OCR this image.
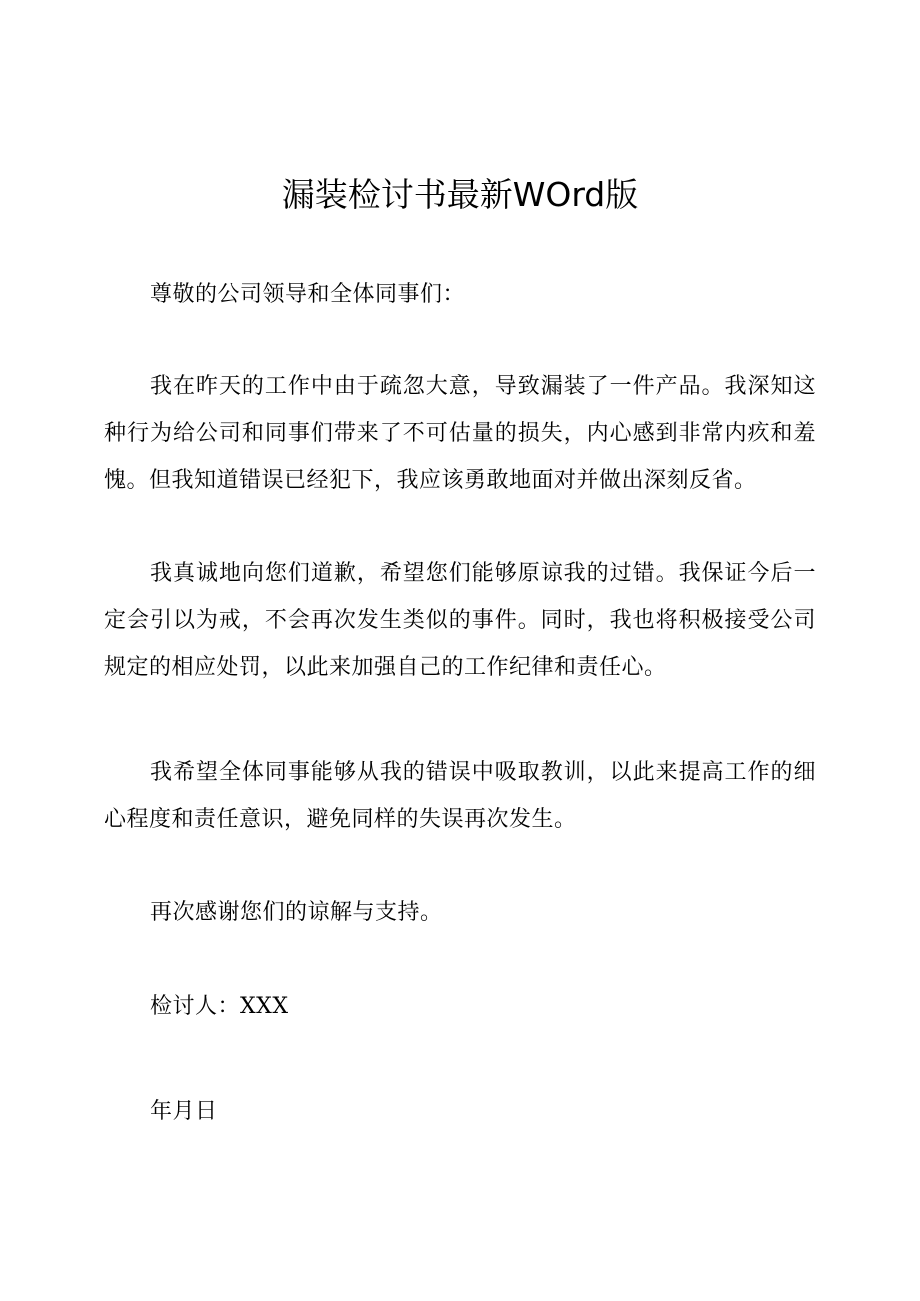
漏装检讨书最新WOrd版

尊敬的公司领导和全体同事们：

我在昨天的工作中由于疏忽大意，导致漏装了一件产品。我深知这种行为给公司和同事们带来了不可估量的损失，内心感到非常内疚和羞愧。但我知道错误已经犯下，我应该勇敢地面对并做出深刻反省。

我真诚地向您们道歉，希望您们能够原谅我的过错。我保证今后一定会引以为戒，不会再次发生类似的事件。同时，我也将积极接受公司规定的相应处罚，以此来加强自己的工作纪律和责任心。

我希望全体同事能够从我的错误中吸取教训，以此来提高工作的细心程度和责任意识，避免同样的失误再次发生。

再次感谢您们的谅解与支持。

检讨人：XXX

年月日
